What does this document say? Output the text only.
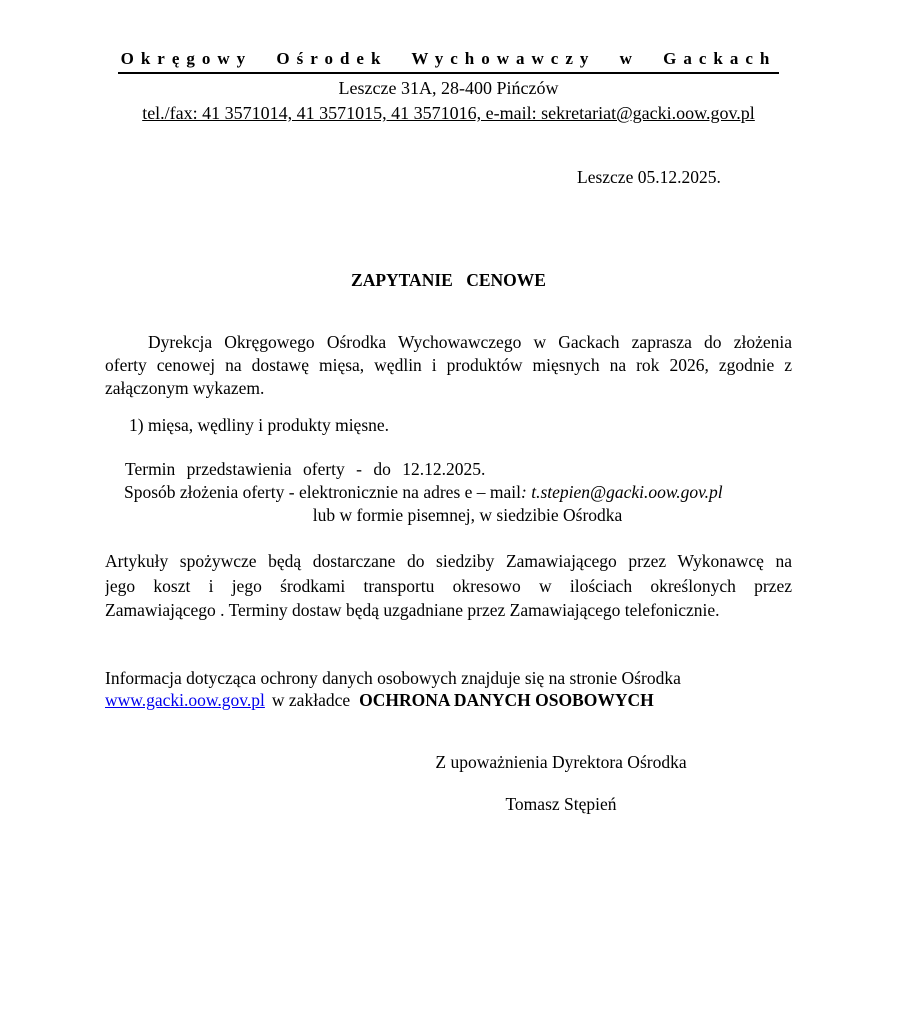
Okręgowy Ośrodek Wychowawczy w Gackach
Leszcze 31A, 28-400 Pińczów
tel./fax: 41 3571014, 41 3571015, 41 3571016, e-mail: sekretariat@gacki.oow.gov.pl
Leszcze 05.12.2025.
ZAPYTANIE CENOWE
Dyrekcja Okręgowego Ośrodka Wychowawczego w Gackach zaprasza do złożenia
oferty cenowej na dostawę mięsa, wędlin i produktów mięsnych na rok 2026, zgodnie z
załączonym wykazem.
1) mięsa, wędliny i produkty mięsne.
Termin przedstawienia oferty - do 12.12.2025.
Sposób złożenia oferty - elektronicznie na adres e – mail: t.stepien@gacki.oow.gov.pl
lub w formie pisemnej, w siedzibie Ośrodka
Artykuły spożywcze będą dostarczane do siedziby Zamawiającego przez Wykonawcę na
jego koszt i jego środkami transportu okresowo w ilościach określonych przez
Zamawiającego . Terminy dostaw będą uzgadniane przez Zamawiającego telefonicznie.
Informacja dotycząca ochrony danych osobowych znajduje się na stronie Ośrodka
www.gacki.oow.gov.pl w zakładce OCHRONA DANYCH OSOBOWYCH
Z upoważnienia Dyrektora Ośrodka
Tomasz Stępień
